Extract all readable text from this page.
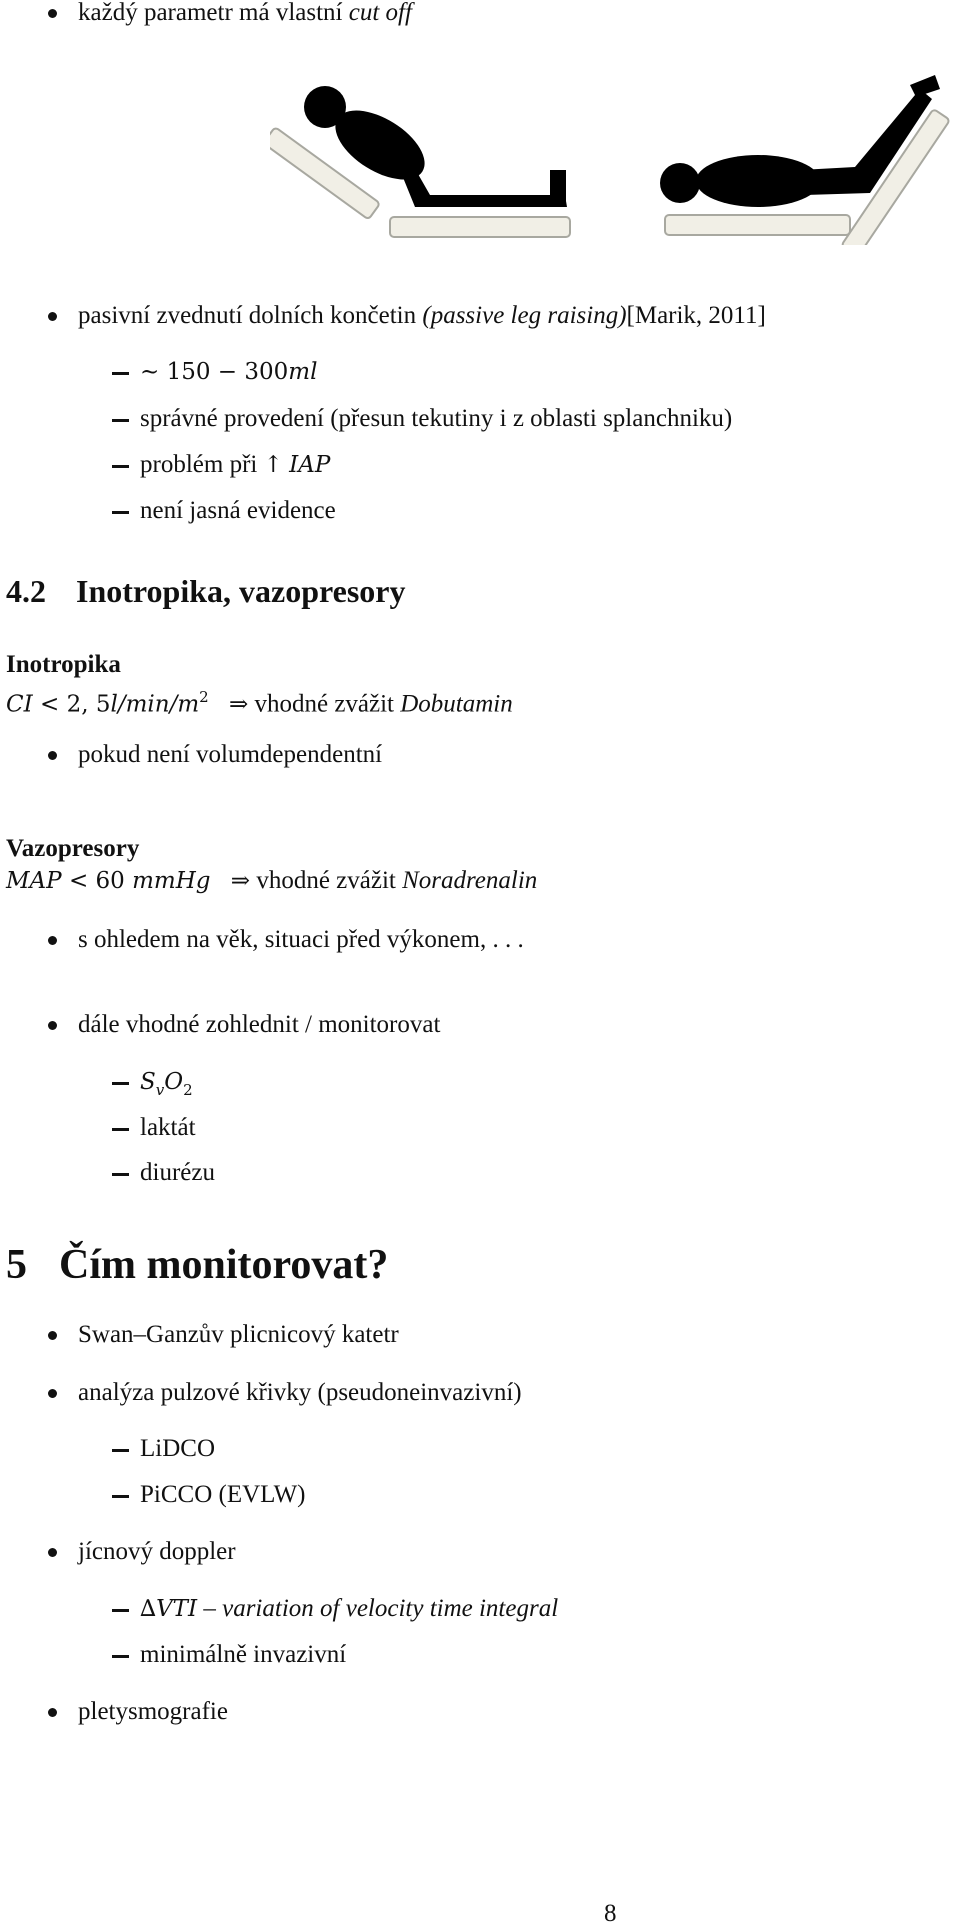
každý parametr má vlastní cut off
pasivní zvednutí dolních končetin (passive leg raising)[Marik, 2011]
∼ 150 − 300ml
správné provedení (přesun tekutiny i z oblasti splanchniku)
problém při ↑ IAP
není jasná evidence
4.2 Inotropika, vazopresory
Inotropika
CI < 2, $5l/\min/m^2$ ⇒ vhodné zvážit Dobutamin
pokud není volumdependentní
Vazopresory
MAP < 60 mmHg ⇒ vhodné zvážit Noradrenalin
s ohledem na věk, situaci před výkonem, . . .
dále vhodné zohlednit / monitorovat
$S_vO_2$
laktát
diurézu
5 Čím monitorovat?
Swan–Ganzův plicnicový katetr
analýza pulzové křivky (pseudoneinvazivní)
LiDCO
PiCCO (EVLW)
jícnový doppler
∆VTI – variation of velocity time integral
minimálně invazivní
pletysmografie
8
